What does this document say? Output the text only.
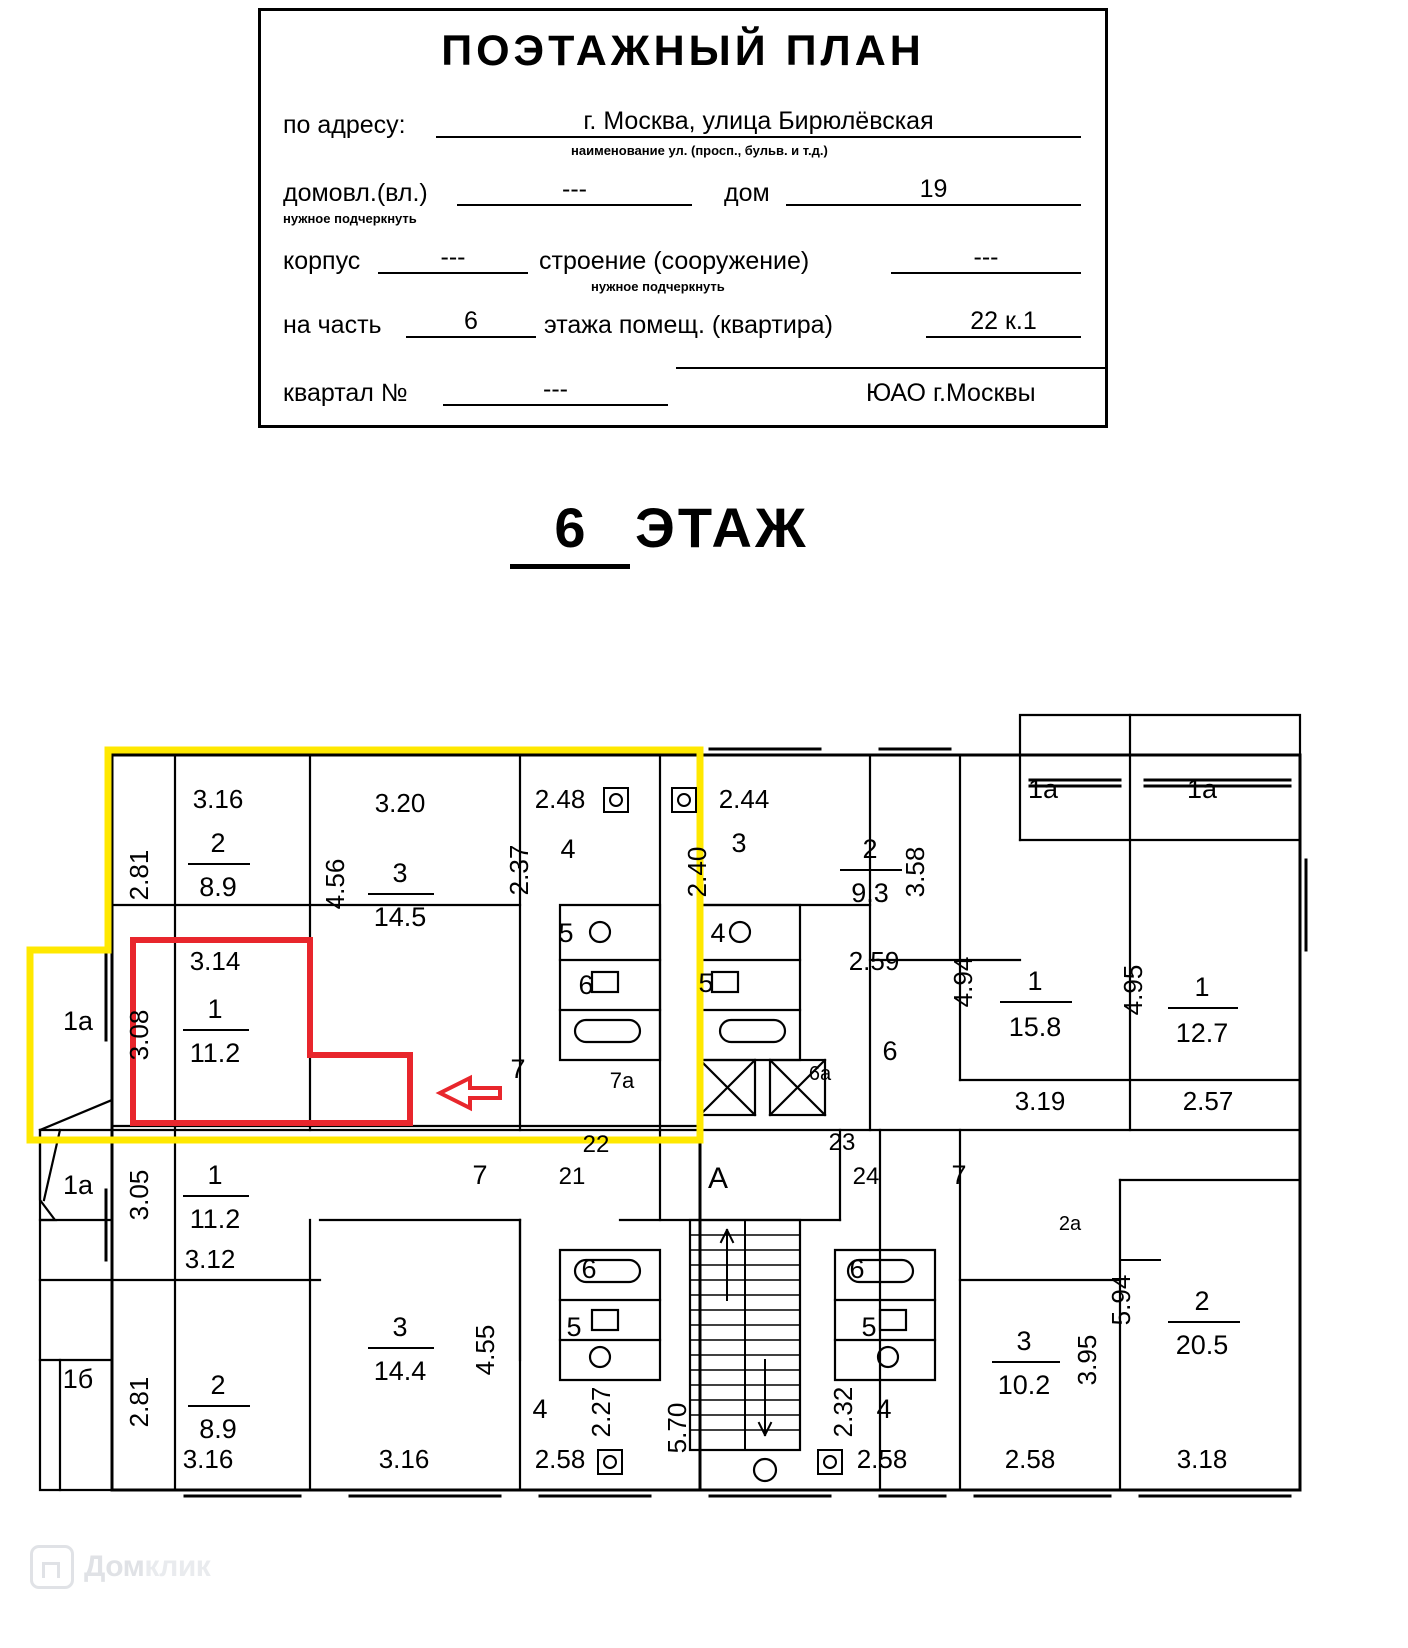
ПОЭТАЖНЫЙ ПЛАН
по адресу:	г. Москва, улица Бирюлёвская
наименование ул. (просп., бульв. и т.д.)
домовл.(вл.)	---
нужное подчеркнуть
дом	19
корпус	---	строение (сооружение)	---
нужное подчеркнуть
на часть	6	этажа помещ. (квартира)	22 к.1
квартал №	---	ЮАО г.Москвы
6 ЭТАЖ
2
8.9	3
14.5
1
11.2
4
5
6
7	7а
3
4
5
2
9.3
6
1
15.8
1
12.7
1
11.2
2
8.9
3
14.4
7
4
6
5
6
5
4
7
3
10.2
2
20.5
1а
1а
1б
1а	1а
6а
2а
А
21
22	23
24
3.16	3.20	2.48	2.44
2.81
3.08
3.05
2.81
4.56	2.37	2.40	3.58
4.94	4.95
4.55
2.27 5.70	2.32
3.95
5.94
3.14	2.59
3.19	2.57
3.12
3.16	3.16	2.58	2.58	2.58	3.18
Домклик
